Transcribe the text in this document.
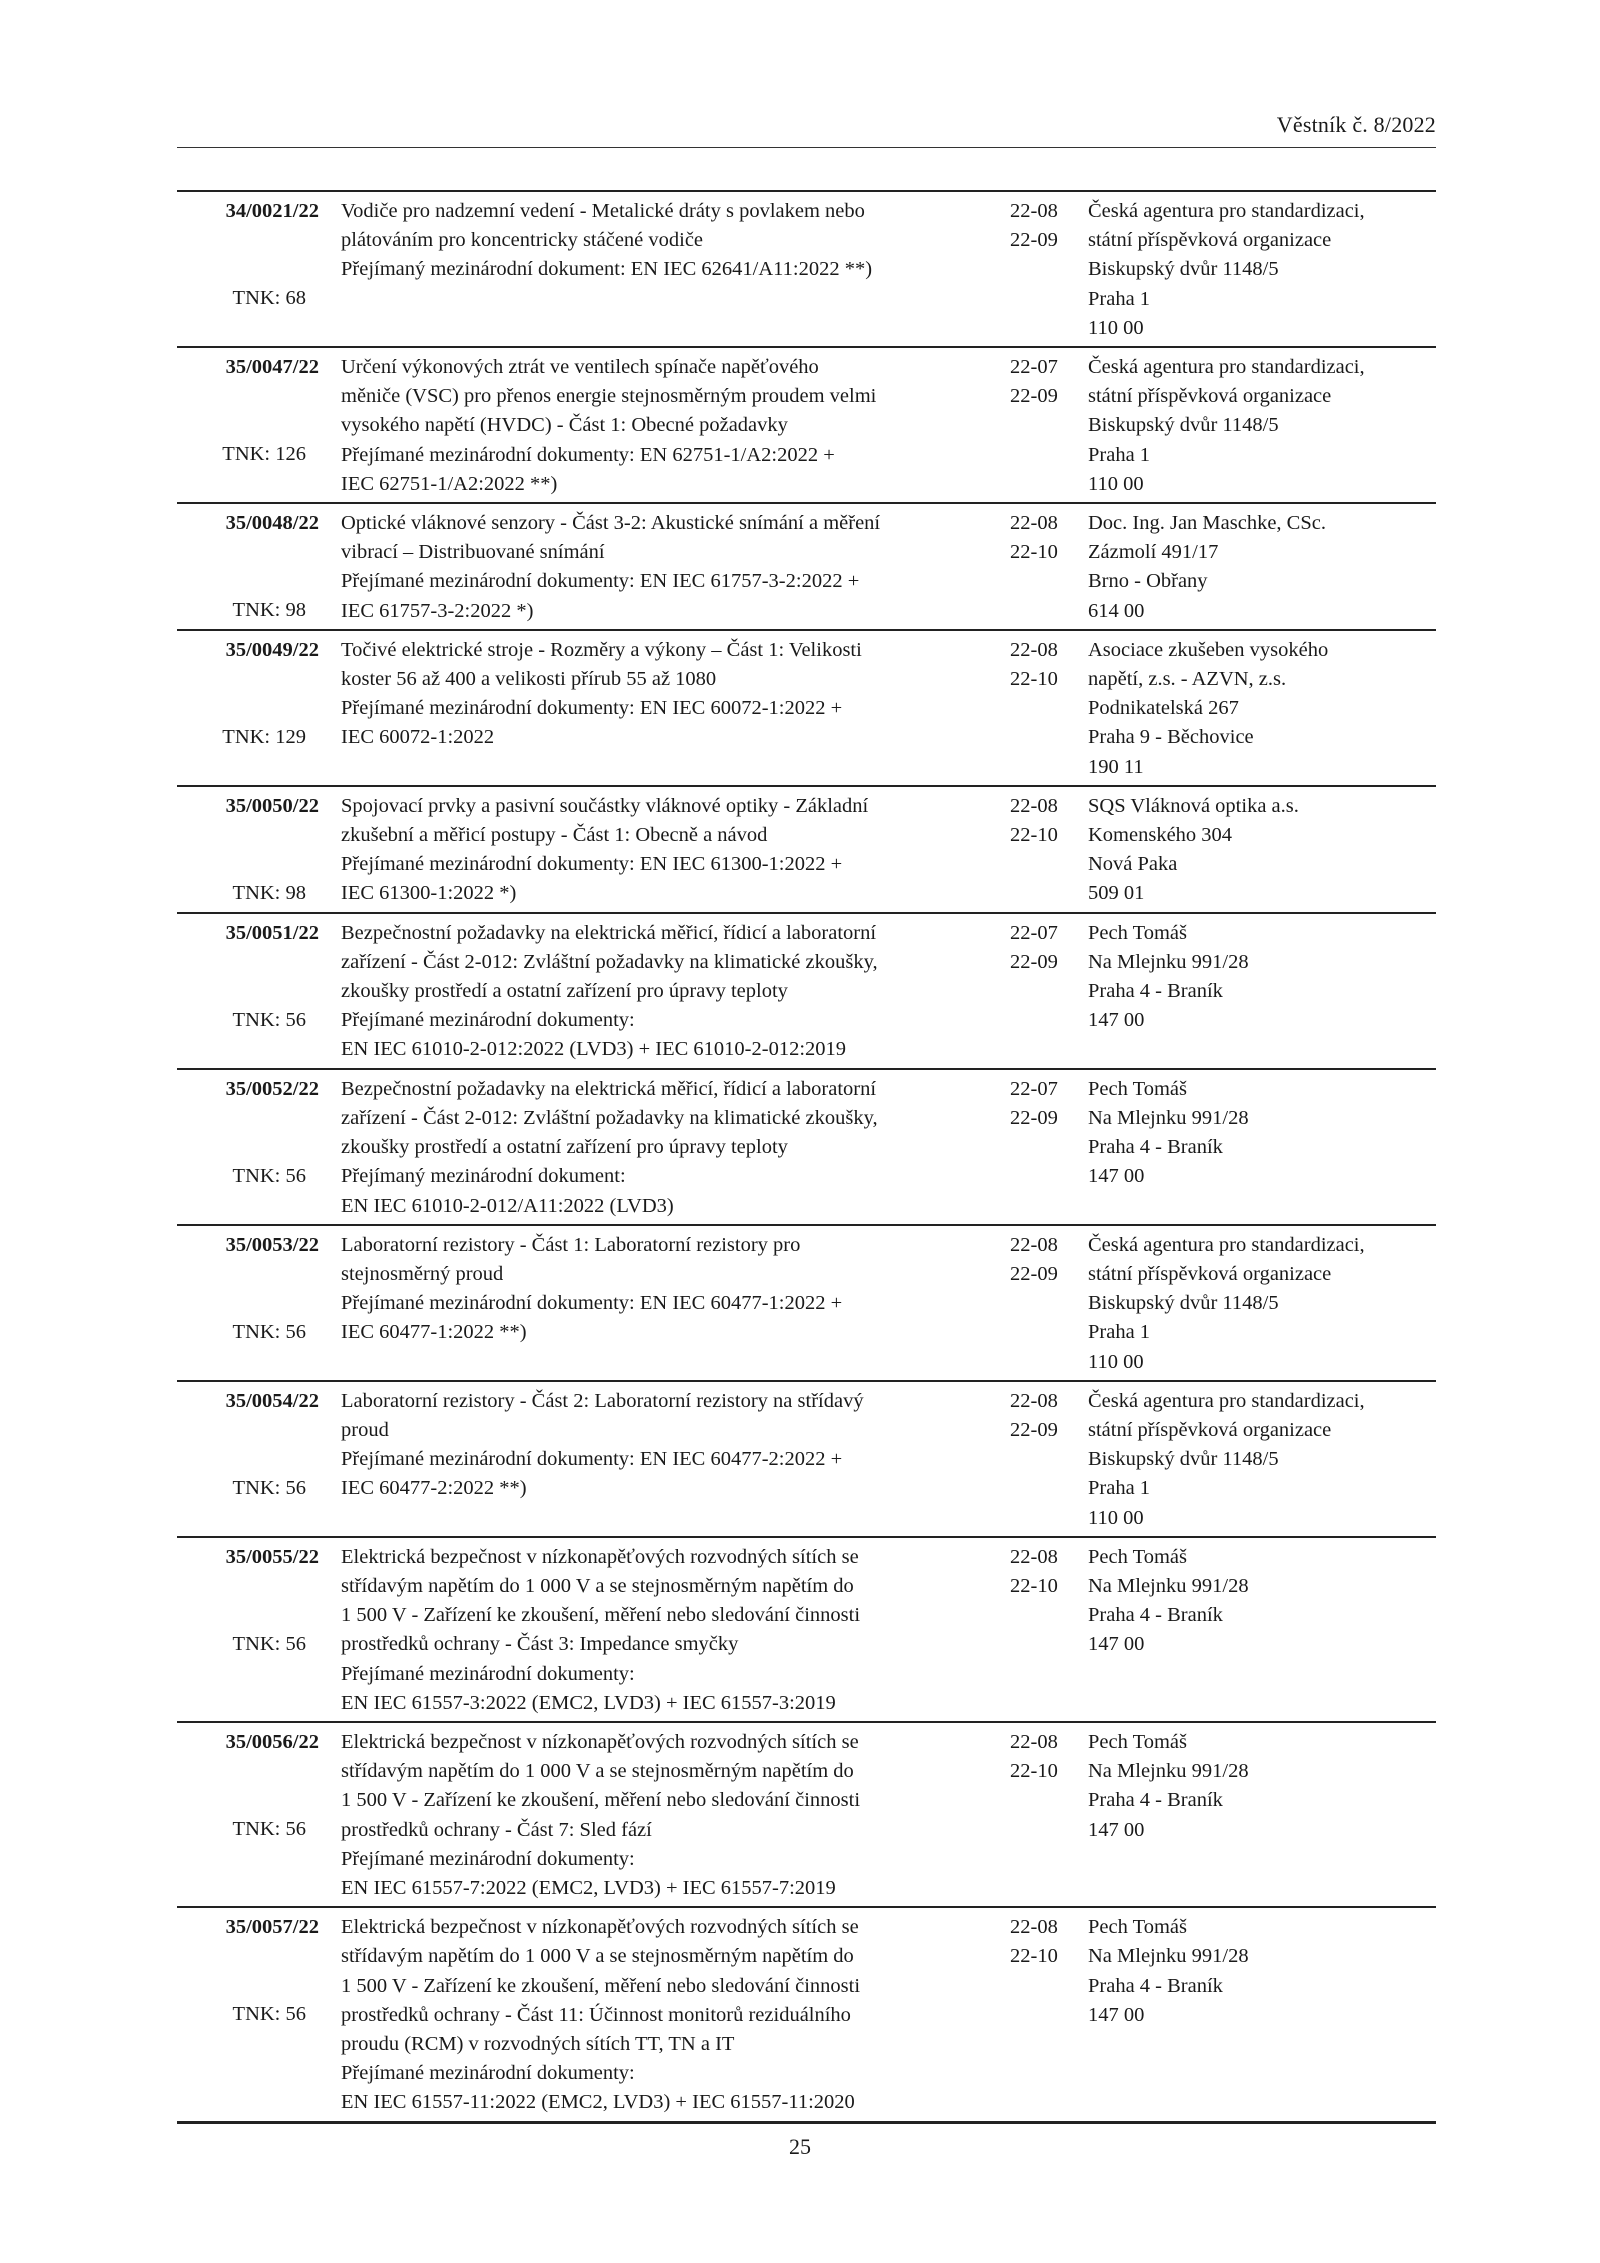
Věstník č. 8/2022
34/0021/22
TNK: 68
Vodiče pro nadzemní vedení - Metalické dráty s povlakem nebo
plátováním pro koncentricky stáčené vodiče
Přejímaný mezinárodní dokument: EN IEC 62641/A11:2022 **)
22-08
22-09
Česká agentura pro standardizaci,
státní příspěvková organizace
Biskupský dvůr 1148/5
Praha 1
110 00
35/0047/22
TNK: 126
Určení výkonových ztrát ve ventilech spínače napěťového
měniče (VSC) pro přenos energie stejnosměrným proudem velmi
vysokého napětí (HVDC) - Část 1: Obecné požadavky
Přejímané mezinárodní dokumenty: EN 62751-1/A2:2022 +
IEC 62751-1/A2:2022 **)
22-07
22-09
Česká agentura pro standardizaci,
státní příspěvková organizace
Biskupský dvůr 1148/5
Praha 1
110 00
35/0048/22
TNK: 98
Optické vláknové senzory - Část 3-2: Akustické snímání a měření
vibrací – Distribuované snímání
Přejímané mezinárodní dokumenty: EN IEC 61757-3-2:2022 +
IEC 61757-3-2:2022 *)
22-08
22-10
Doc. Ing. Jan Maschke, CSc.
Zázmolí 491/17
Brno - Obřany
614 00
35/0049/22
TNK: 129
Točivé elektrické stroje - Rozměry a výkony – Část 1: Velikosti
koster 56 až 400 a velikosti přírub 55 až 1080
Přejímané mezinárodní dokumenty: EN IEC 60072-1:2022 +
IEC 60072-1:2022
22-08
22-10
Asociace zkušeben vysokého
napětí, z.s. - AZVN, z.s.
Podnikatelská 267
Praha 9 - Běchovice
190 11
35/0050/22
TNK: 98
Spojovací prvky a pasivní součástky vláknové optiky - Základní
zkušební a měřicí postupy - Část 1: Obecně a návod
Přejímané mezinárodní dokumenty: EN IEC 61300-1:2022 +
IEC 61300-1:2022 *)
22-08
22-10
SQS Vláknová optika a.s.
Komenského 304
Nová Paka
509 01
35/0051/22
TNK: 56
Bezpečnostní požadavky na elektrická měřicí, řídicí a laboratorní
zařízení - Část 2-012: Zvláštní požadavky na klimatické zkoušky,
zkoušky prostředí a ostatní zařízení pro úpravy teploty
Přejímané mezinárodní dokumenty:
EN IEC 61010-2-012:2022 (LVD3) + IEC 61010-2-012:2019
22-07
22-09
Pech Tomáš
Na Mlejnku 991/28
Praha 4 - Braník
147 00
35/0052/22
TNK: 56
Bezpečnostní požadavky na elektrická měřicí, řídicí a laboratorní
zařízení - Část 2-012: Zvláštní požadavky na klimatické zkoušky,
zkoušky prostředí a ostatní zařízení pro úpravy teploty
Přejímaný mezinárodní dokument:
EN IEC 61010-2-012/A11:2022 (LVD3)
22-07
22-09
Pech Tomáš
Na Mlejnku 991/28
Praha 4 - Braník
147 00
35/0053/22
TNK: 56
Laboratorní rezistory - Část 1: Laboratorní rezistory pro
stejnosměrný proud
Přejímané mezinárodní dokumenty: EN IEC 60477-1:2022 +
IEC 60477-1:2022 **)
22-08
22-09
Česká agentura pro standardizaci,
státní příspěvková organizace
Biskupský dvůr 1148/5
Praha 1
110 00
35/0054/22
TNK: 56
Laboratorní rezistory - Část 2: Laboratorní rezistory na střídavý
proud
Přejímané mezinárodní dokumenty: EN IEC 60477-2:2022 +
IEC 60477-2:2022 **)
22-08
22-09
Česká agentura pro standardizaci,
státní příspěvková organizace
Biskupský dvůr 1148/5
Praha 1
110 00
35/0055/22
TNK: 56
Elektrická bezpečnost v nízkonapěťových rozvodných sítích se
střídavým napětím do 1 000 V a se stejnosměrným napětím do
1 500 V - Zařízení ke zkoušení, měření nebo sledování činnosti
prostředků ochrany - Část 3: Impedance smyčky
Přejímané mezinárodní dokumenty:
EN IEC 61557-3:2022 (EMC2, LVD3) + IEC 61557-3:2019
22-08
22-10
Pech Tomáš
Na Mlejnku 991/28
Praha 4 - Braník
147 00
35/0056/22
TNK: 56
Elektrická bezpečnost v nízkonapěťových rozvodných sítích se
střídavým napětím do 1 000 V a se stejnosměrným napětím do
1 500 V - Zařízení ke zkoušení, měření nebo sledování činnosti
prostředků ochrany - Část 7: Sled fází
Přejímané mezinárodní dokumenty:
EN IEC 61557-7:2022 (EMC2, LVD3) + IEC 61557-7:2019
22-08
22-10
Pech Tomáš
Na Mlejnku 991/28
Praha 4 - Braník
147 00
35/0057/22
TNK: 56
Elektrická bezpečnost v nízkonapěťových rozvodných sítích se
střídavým napětím do 1 000 V a se stejnosměrným napětím do
1 500 V - Zařízení ke zkoušení, měření nebo sledování činnosti
prostředků ochrany - Část 11: Účinnost monitorů reziduálního
proudu (RCM) v rozvodných sítích TT, TN a IT
Přejímané mezinárodní dokumenty:
EN IEC 61557-11:2022 (EMC2, LVD3) + IEC 61557-11:2020
22-08
22-10
Pech Tomáš
Na Mlejnku 991/28
Praha 4 - Braník
147 00
25
